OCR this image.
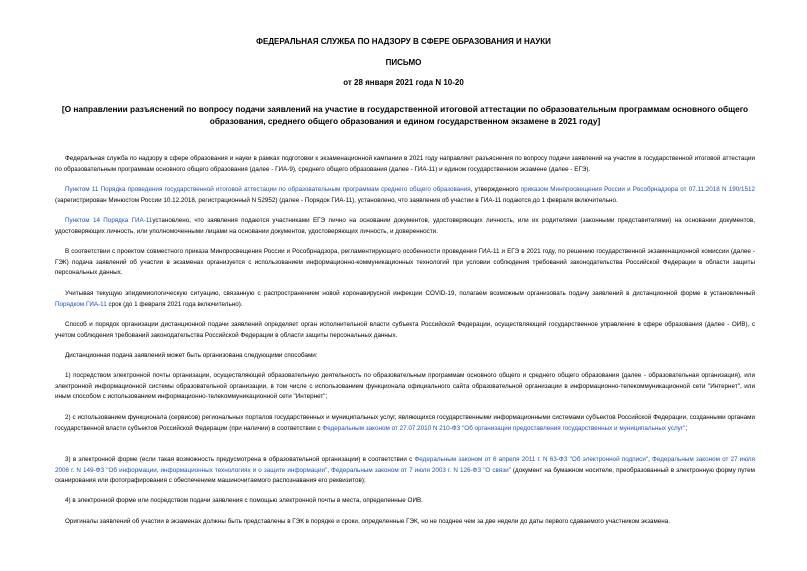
ФЕДЕРАЛЬНАЯ СЛУЖБА ПО НАДЗОРУ В СФЕРЕ ОБРАЗОВАНИЯ И НАУКИ
ПИСЬМО
от 28 января 2021 года N 10-20
[О направлении разъяснений по вопросу подачи заявлений на участие в государственной итоговой аттестации по образовательным программам основного общего образования, среднего общего образования и едином государственном экзамене в 2021 году]
Федеральная служба по надзору в сфере образования и науки в рамках подготовки к экзаменационной кампании в 2021 году направляет разъяснения по вопросу подачи заявлений на участие в государственной итоговой аттестации по образовательным программам основного общего образования (далее - ГИА-9), среднего общего образования (далее - ГИА-11) и едином государственном экзамене (далее - ЕГЭ).
Пунктом 11 Порядка проведения государственной итоговой аттестации по образовательным программам среднего общего образования, утвержденного приказом Минпросвещения России и Рособрнадзора от 07.11.2018 N 190/1512 (зарегистрирован Минюстом России 10.12.2018, регистрационный N 52952) (далее - Порядок ГИА-11), установлено, что заявления об участии в ГИА-11 подаются до 1 февраля включительно.
Пунктом 14 Порядка ГИА-11установлено, что заявления подаются участниками ЕГЭ лично на основании документов, удостоверяющих личность, или их родителями (законными представителями) на основании документов, удостоверяющих личность, или уполномоченными лицами на основании документов, удостоверяющих личность, и доверенности.
В соответствии с проектом совместного приказа Минпросвещения России и Рособрнадзора, регламентирующего особенности проведения ГИА-11 и ЕГЭ в 2021 году, по решению государственной экзаменационной комиссии (далее - ГЭК) подача заявлений об участии в экзаменах организуется с использованием информационно-коммуникационных технологий при условии соблюдения требований законодательства Российской Федерации в области защиты персональных данных.
Учитывая текущую эпидемиологическую ситуацию, связанную с распространением новой коронавирусной инфекции COVID-19, полагаем возможным организовать подачу заявлений в дистанционной форме в установленный Порядком ГИА-11 срок (до 1 февраля 2021 года включительно).
Способ и порядок организации дистанционной подачи заявлений определяет орган исполнительной власти субъекта Российской Федерации, осуществляющий государственное управление в сфере образования (далее - ОИВ), с учетом соблюдения требований законодательства Российской Федерации в области защиты персональных данных.
Дистанционная подача заявлений может быть организована следующими способами:
1) посредством электронной почты организации, осуществляющей образовательную деятельность по образовательным программам основного общего и среднего общего образования (далее - образовательная организация), или электронной информационной системы образовательной организации, в том числе с использованием функционала официального сайта образовательной организации в информационно-телекоммуникационной сети "Интернет", или иным способом с использованием информационно-телекоммуникационной сети "Интернет";
2) с использованием функционала (сервисов) региональных порталов государственных и муниципальных услуг, являющихся государственными информационными системами субъектов Российской Федерации, созданными органами государственной власти субъектов Российской Федерации (при наличии) в соответствии с Федеральным законом от 27.07.2010 N 210-ФЗ "Об организации предоставления государственных и муниципальных услуг";
3) в электронной форме (если такая возможность предусмотрена в образовательной организации) в соответствии с Федеральным законом от 6 апреля 2011 г. N 63-ФЗ "Об электронной подписи", Федеральным законом от 27 июля 2006 г. N 149-ФЗ "Об информации, информационных технологиях и о защите информации", Федеральным законом от 7 июля 2003 г. N 126-ФЗ "О связи" (документ на бумажном носителе, преобразованный в электронную форму путем сканирования или фотографирования с обеспечением машиночитаемого распознавания его реквизитов);
4) в электронной форме или посредством подачи заявления с помощью электронной почты в места, определенные ОИВ.
Оригиналы заявлений об участии в экзаменах должны быть представлены в ГЭК в порядке и сроки, определенные ГЭК, но не позднее чем за две недели до даты первого сдаваемого участником экзамена.
